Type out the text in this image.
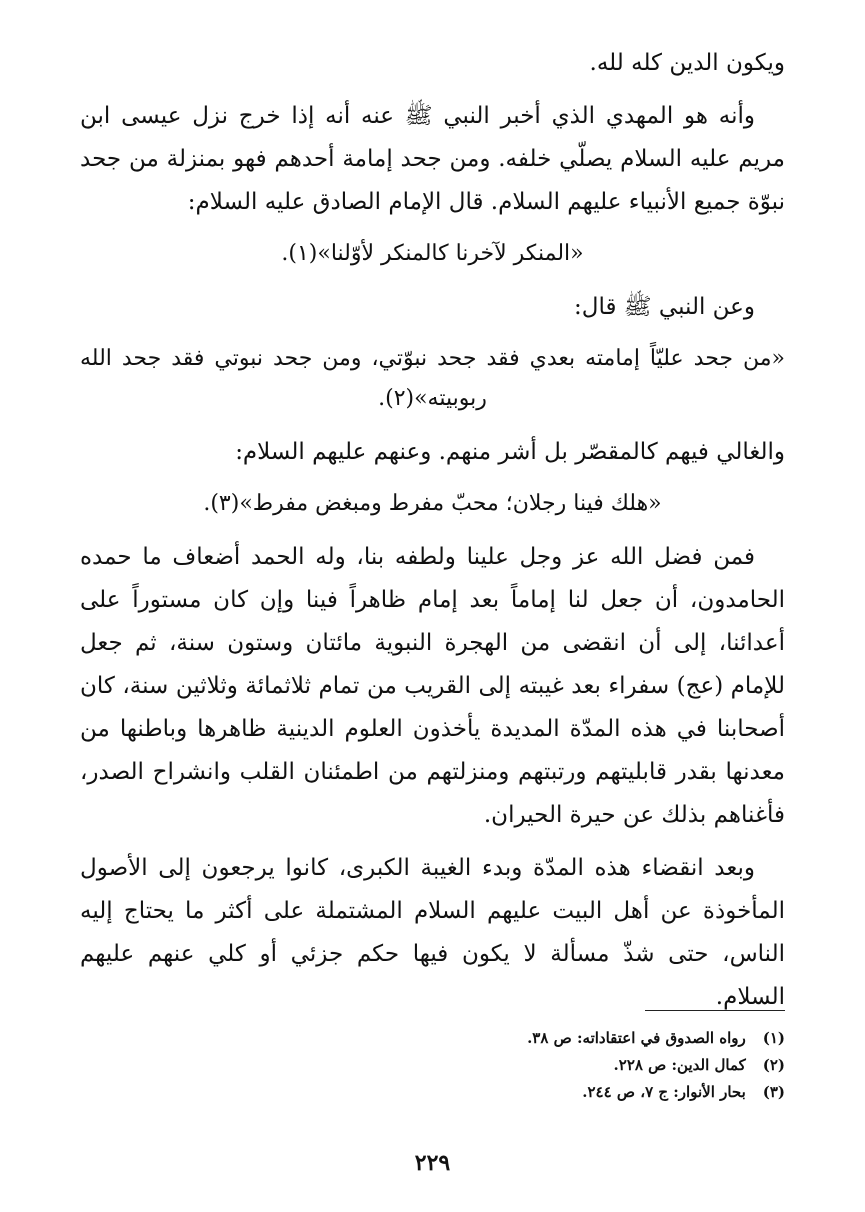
ويكون الدين كله لله.

وأنه هو المهدي الذي أخبر النبي ﷺ عنه أنه إذا خرج نزل عيسى ابن مريم عليه السلام يصلّي خلفه. ومن جحد إمامة أحدهم فهو بمنزلة من جحد نبوّة جميع الأنبياء عليهم السلام. قال الإمام الصادق عليه السلام:

«المنكر لآخرنا كالمنكر لأوّلنا»(١).

وعن النبي ﷺ قال:

«من جحد عليّاً إمامته بعدي فقد جحد نبوّتي، ومن جحد نبوتي فقد جحد الله ربوبيته»(٢).

والغالي فيهم كالمقصّر بل أشر منهم. وعنهم عليهم السلام:

«هلك فينا رجلان؛ محبّ مفرط ومبغض مفرط»(٣).

فمن فضل الله عز وجل علينا ولطفه بنا، وله الحمد أضعاف ما حمده الحامدون، أن جعل لنا إماماً بعد إمام ظاهراً فينا وإن كان مستوراً على أعدائنا، إلى أن انقضى من الهجرة النبوية مائتان وستون سنة، ثم جعل للإمام (عج) سفراء بعد غيبته إلى القريب من تمام ثلاثمائة وثلاثين سنة، كان أصحابنا في هذه المدّة المديدة يأخذون العلوم الدينية ظاهرها وباطنها من معدنها بقدر قابليتهم ورتبتهم ومنزلتهم من اطمئنان القلب وانشراح الصدر، فأغناهم بذلك عن حيرة الحيران.

وبعد انقضاء هذه المدّة وبدء الغيبة الكبرى، كانوا يرجعون إلى الأصول المأخوذة عن أهل البيت عليهم السلام المشتملة على أكثر ما يحتاج إليه الناس، حتى شذّ مسألة لا يكون فيها حكم جزئي أو كلي عنهم عليهم السلام.

(١) رواه الصدوق في اعتقاداته: ص ٣٨.
(٢) كمال الدين: ص ٢٢٨.
(٣) بحار الأنوار: ج ٧، ص ٢٤٤.
٢٢٩
